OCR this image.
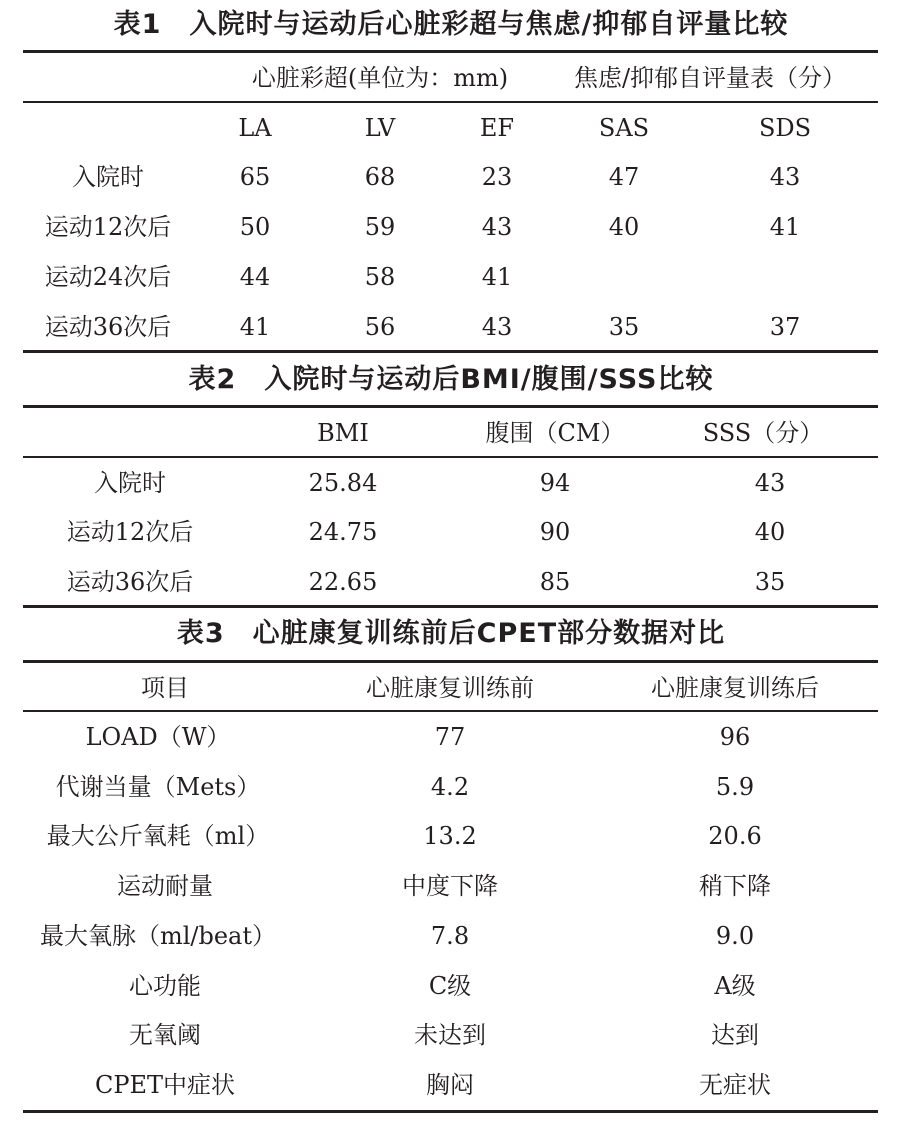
表1　入院时与运动后心脏彩超与焦虑/抑郁自评量比较
心脏彩超(单位为：mm)	焦虑/抑郁自评量表（分）
LA	LV	EF	SAS	SDS
入院时	65	68	23	47	43
运动12次后	50	59	43	40	41
运动24次后	44	58	41
运动36次后	41	56	43	35	37
表2　入院时与运动后BMI/腹围/SSS比较
BMI	腹围（CM）	SSS（分）
入院时	25.84	94	43
运动12次后	24.75	90	40
运动36次后	22.65	85	35
表3　心脏康复训练前后CPET部分数据对比
项目	心脏康复训练前	心脏康复训练后
LOAD（W）	77	96
代谢当量（Mets）	4.2	5.9
最大公斤氧耗（ml）	13.2	20.6
运动耐量	中度下降	稍下降
最大氧脉（ml/beat）	7.8	9.0
心功能	C级	A级
无氧阈	未达到	达到
CPET中症状	胸闷	无症状
